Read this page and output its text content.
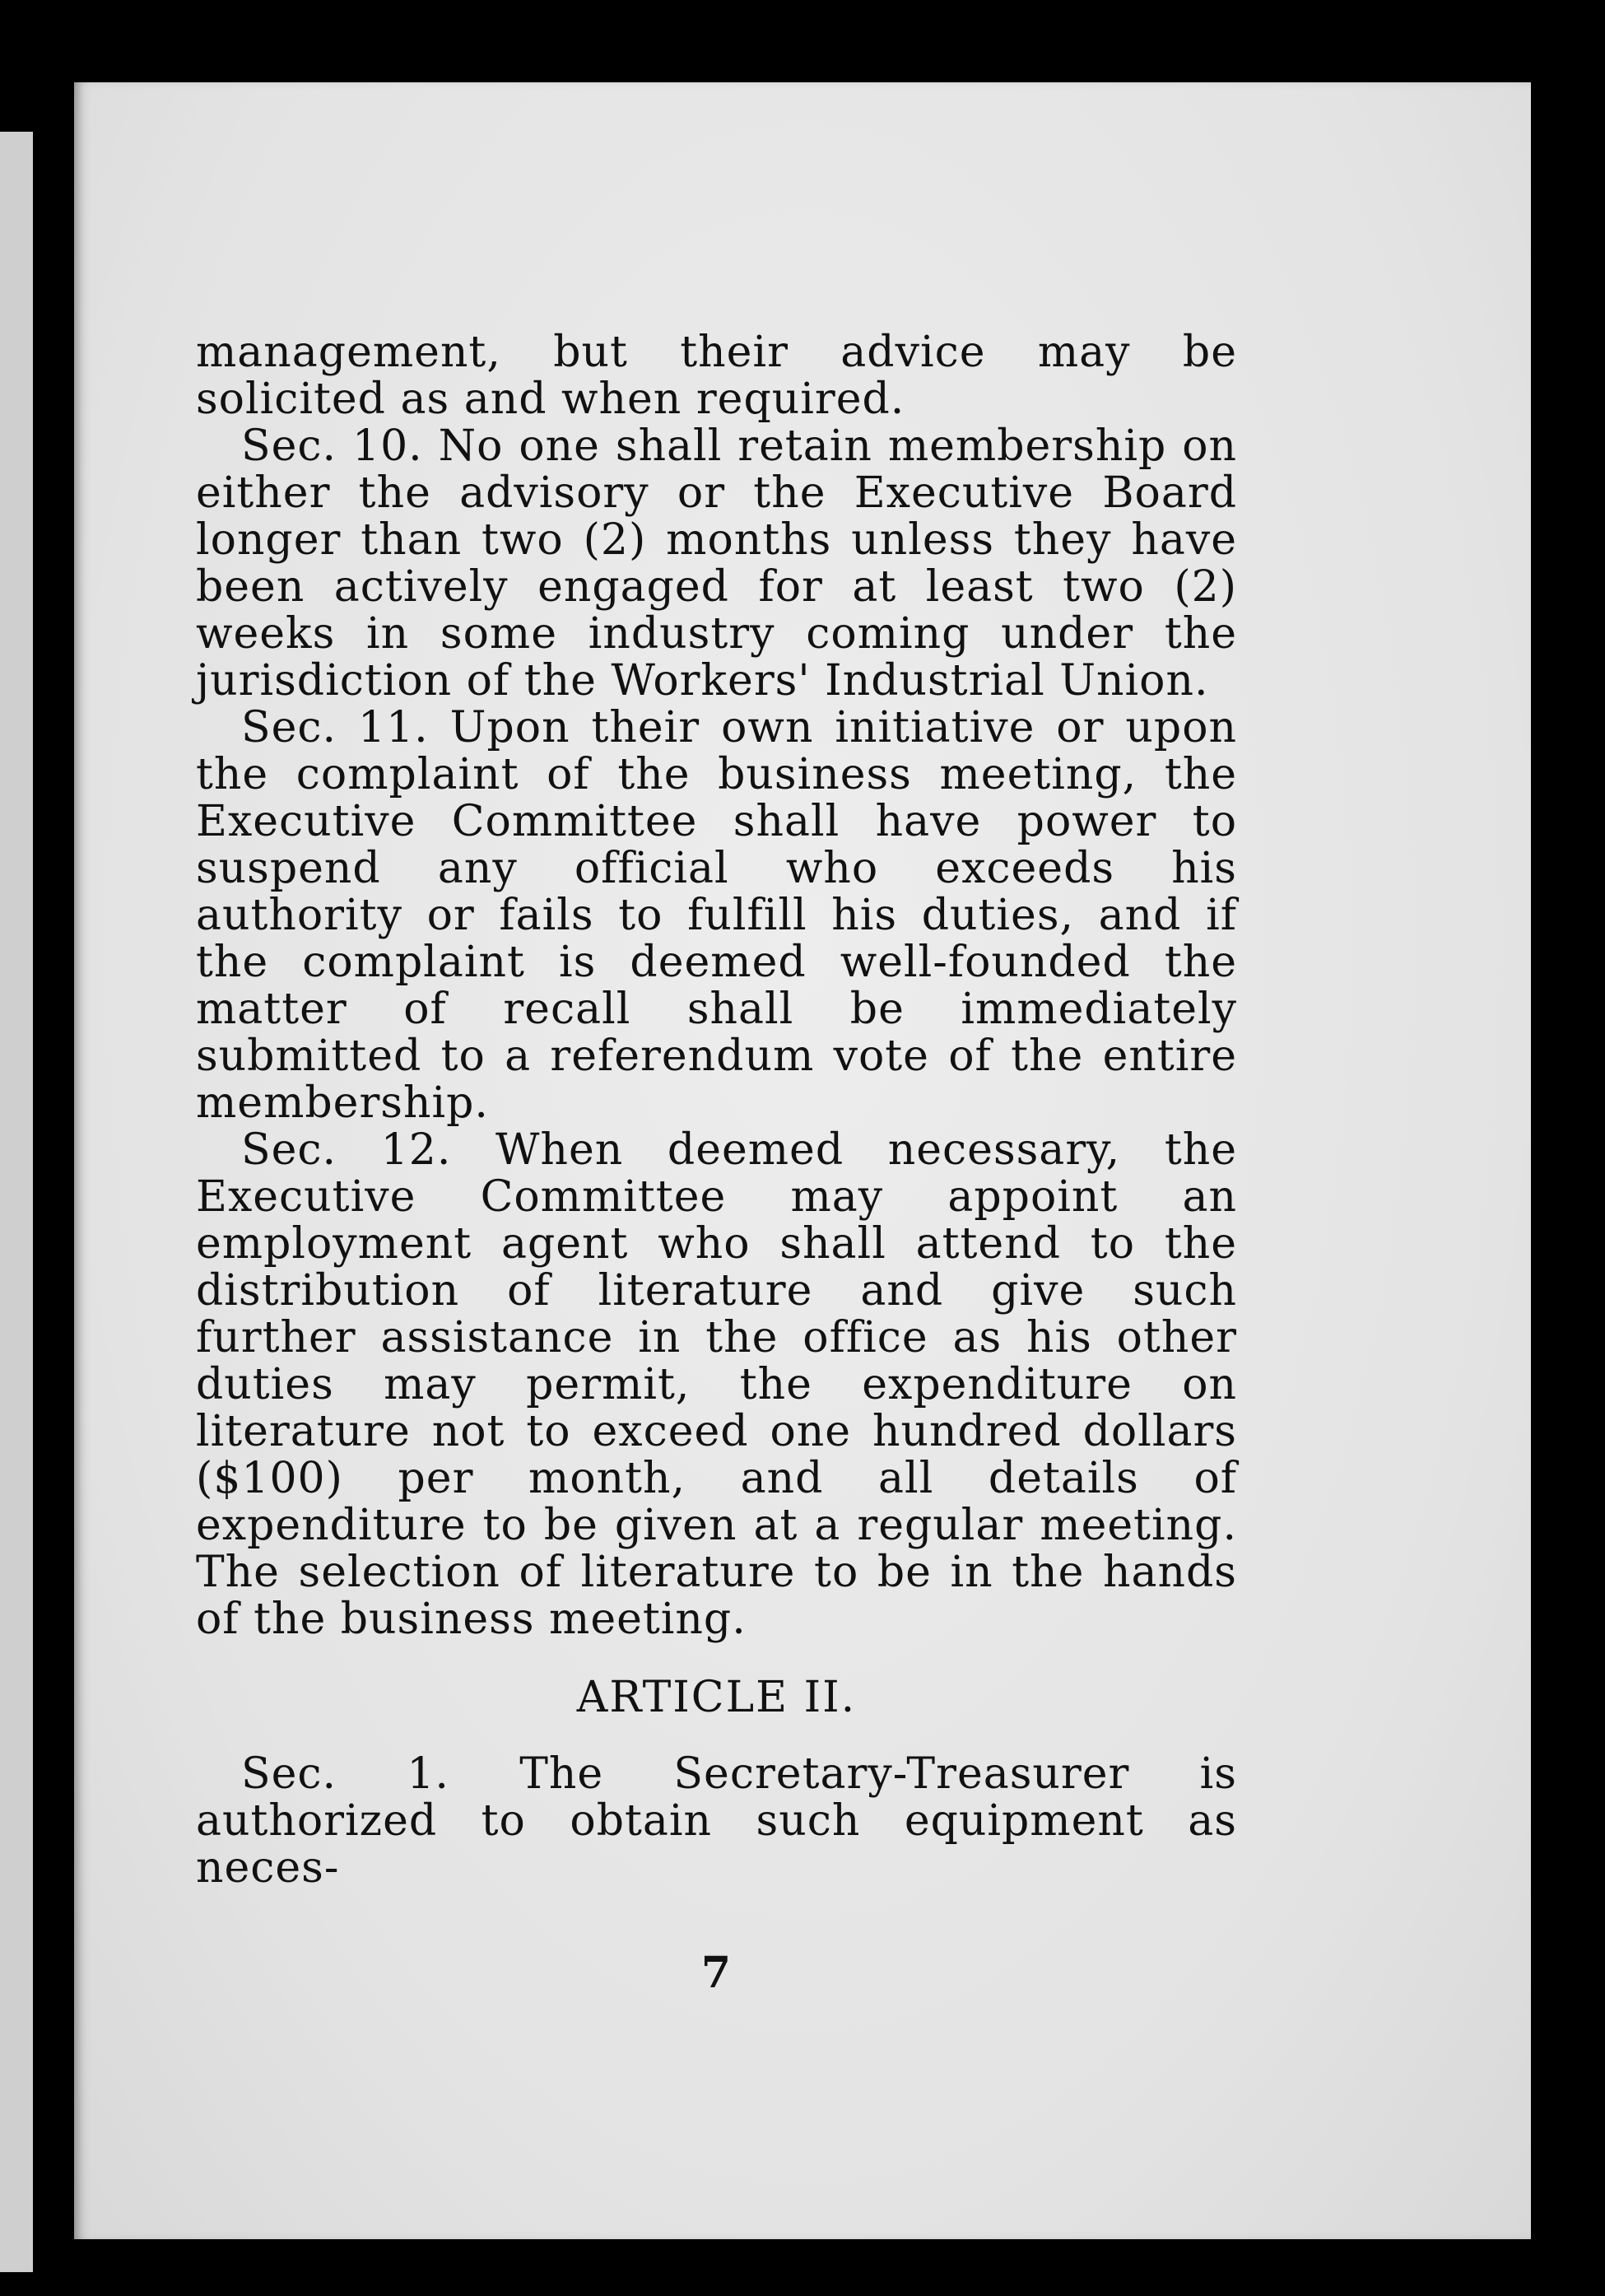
management, but their advice may be solicited as and when required.

Sec. 10. No one shall retain membership on either the advisory or the Executive Board longer than two (2) months unless they have been actively engaged for at least two (2) weeks in some industry coming under the jurisdiction of the Workers' Industrial Union.

Sec. 11. Upon their own initiative or upon the complaint of the business meeting, the Executive Committee shall have power to suspend any official who exceeds his authority or fails to fulfill his duties, and if the complaint is deemed well-founded the matter of recall shall be immediately submitted to a referendum vote of the entire membership.

Sec. 12. When deemed necessary, the Executive Committee may appoint an employment agent who shall attend to the distribution of literature and give such further assistance in the office as his other duties may permit, the expenditure on literature not to exceed one hundred dollars ($100) per month, and all details of expenditure to be given at a regular meeting. The selection of literature to be in the hands of the business meeting.

ARTICLE II.

Sec. 1. The Secretary-Treasurer is authorized to obtain such equipment as neces-

7
